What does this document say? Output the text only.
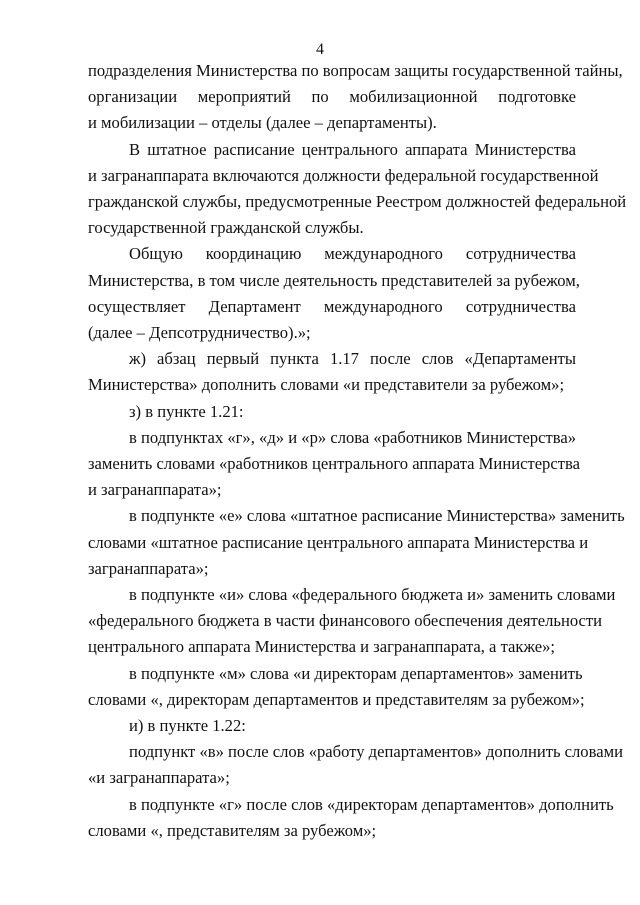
4
подразделения Министерства по вопросам защиты государственной тайны,
организации мероприятий по мобилизационной подготовке
и мобилизации – отделы (далее – департаменты).
В штатное расписание центрального аппарата Министерства
и загранаппарата включаются должности федеральной государственной
гражданской службы, предусмотренные Реестром должностей федеральной
государственной гражданской службы.
Общую координацию международного сотрудничества
Министерства, в том числе деятельность представителей за рубежом,
осуществляет Департамент международного сотрудничества
(далее – Депсотрудничество).»;
ж) абзац первый пункта 1.17 после слов «Департаменты
Министерства» дополнить словами «и представители за рубежом»;
з) в пункте 1.21:
в подпунктах «г», «д» и «р» слова «работников Министерства»
заменить словами «работников центрального аппарата Министерства
и загранаппарата»;
в подпункте «е» слова «штатное расписание Министерства» заменить
словами «штатное расписание центрального аппарата Министерства и
загранаппарата»;
в подпункте «и» слова «федерального бюджета и» заменить словами
«федерального бюджета в части финансового обеспечения деятельности
центрального аппарата Министерства и загранаппарата, а также»;
в подпункте «м» слова «и директорам департаментов» заменить
словами «, директорам департаментов и представителям за рубежом»;
и) в пункте 1.22:
подпункт «в» после слов «работу департаментов» дополнить словами
«и загранаппарата»;
в подпункте «г» после слов «директорам департаментов» дополнить
словами «, представителям за рубежом»;
